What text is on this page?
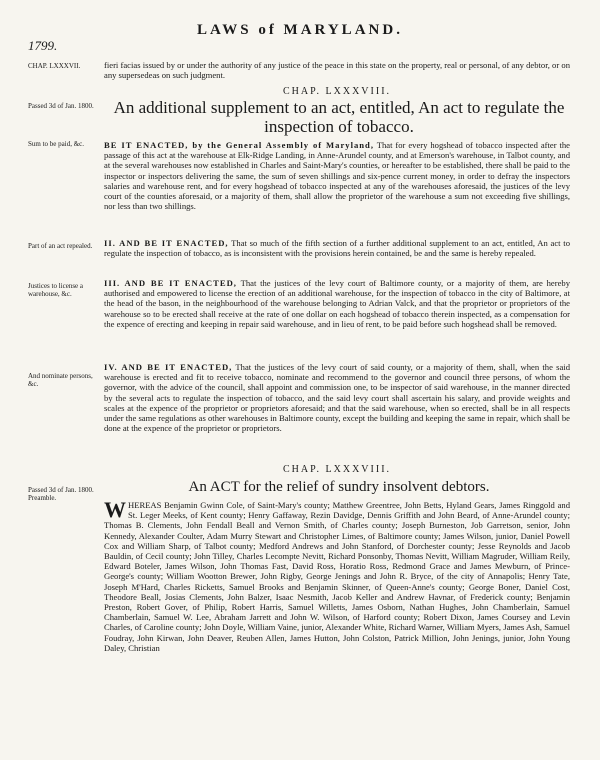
1799.
LAWS of MARYLAND.
CHAP. LXXXVII.	fieri facias issued by or under the authority of any justice of the peace in this state on the property, real or personal, of any debtor, or on any supersedeas on such judgment.
CHAP. LXXXVIII.
Passed 3d of Jan. 1800.	An additional supplement to an act, entitled, An act to regulate the inspection of tobacco.
Sum to be paid, &c.	BE IT ENACTED, by the General Assembly of Maryland, That for every hogshead of tobacco inspected after the passage of this act at the warehouse at Elk-Ridge Landing, in Anne-Arundel county, and at Emerson's warehouse, in Talbot county, and at the several warehouses now established in Charles and Saint-Mary's counties, or hereafter to be established, there shall be paid to the inspector or inspectors delivering the same, the sum of seven shillings and six-pence current money, in order to defray the inspectors salaries and warehouse rent, and for every hogshead of tobacco inspected at any of the warehouses aforesaid, the justices of the levy court of the counties aforesaid, or a majority of them, shall allow the proprietor of the warehouse a sum not exceeding five shillings, nor less than two shillings.
Part of an act repealed.	II. AND BE IT ENACTED, That so much of the fifth section of a further additional supplement to an act, entitled, An act to regulate the inspection of tobacco, as is inconsistent with the provisions herein contained, be and the same is hereby repealed.
Justices to license a warehouse, &c.
III. AND BE IT ENACTED, That the justices of the levy court of Baltimore county, or a majority of them, are hereby authorised and empowered to license the erection of an additional warehouse, for the inspection of tobacco in the city of Baltimore, at the head of the bason, in the neighbourhood of the warehouse belonging to Adrian Valck, and that the proprietor or proprietors of the warehouse so to be erected shall receive at the rate of one dollar on each hogshead of tobacco therein inspected, as a compensation for the expence of erecting and keeping in repair said warehouse, and in lieu of rent, to be paid before such hogshead shall be removed.
And nominate persons, &c.
IV. AND BE IT ENACTED, That the justices of the levy court of said county, or a majority of them, shall, when the said warehouse is erected and fit to receive tobacco, nominate and recommend to the governor and council three persons, of whom the governor, with the advice of the council, shall appoint and commission one, to be inspector of said warehouse, in the manner directed by the several acts to regulate the inspection of tobacco, and the said levy court shall ascertain his salary, and provide weights and scales at the expence of the proprietor or proprietors aforesaid; and that the said warehouse, when so erected, shall be in all respects under the same regulations as other warehouses in Baltimore county, except the building and keeping the same in repair, which shall be done at the expence of the proprietor or proprietors.
CHAP. LXXXVIII.
Passed 3d of Jan. 1800. Preamble.
An ACT for the relief of sundry insolvent debtors.
W HEREAS Benjamin Gwinn Cole, of Saint-Mary's county; Matthew Greentree, John Betts, Hyland Gears, James Ringgold and St. Leger Meeks, of Kent county; Henry Gaffaway, Rezin Davidge, Dennis Griffith and John Beard, of Anne-Arundel county; Thomas B. Clements, John Fendall Beall and Vernon Smith, of Charles county; Joseph Burneston, Job Garretson, senior, John Kennedy, Alexander Coulter, Adam Murry Stewart and Christopher Limes, of Baltimore county; James Wilson, junior, Daniel Powell Cox and William Sharp, of Talbot county; Medford Andrews and John Stanford, of Dorchester county; Jesse Reynolds and Jacob Bauldin, of Cecil county; John Tilley, Charles Lecompte Nevitt, Richard Ponsonby, Thomas Nevitt, William Magruder, William Reily, Edward Boteler, James Wilson, John Thomas Fast, David Ross, Horatio Ross, Redmond Grace and James Mewburn, of Prince-George's county; William Wootton Brewer, John Rigby, George Jenings and John R. Bryce, of the city of Annapolis; Henry Tate, Joseph M'Hard, Charles Ricketts, Samuel Brooks and Benjamin Skinner, of Queen-Anne's county; George Boner, Daniel Cost, Theodore Beall, Josias Clements, John Balzer, Isaac Nesmith, Jacob Keller and Andrew Havnar, of Frederick county; Benjamin Preston, Robert Gover, of Philip, Robert Harris, Samuel Willetts, James Osborn, Nathan Hughes, John Chamberlain, Samuel Chamberlain, Samuel W. Lee, Abraham Jarrett and John W. Wilson, of Harford county; Robert Dixon, James Coursey and Levin Charles, of Caroline county; John Doyle, William Vaine, junior, Alexander White, Richard Warner, William Myers, James Ash, Samuel Foudray, John Kirwan, John Deaver, Reuben Allen, James Hutton, John Colston, Patrick Million, John Jenings, junior, John Young Daley, Christian
